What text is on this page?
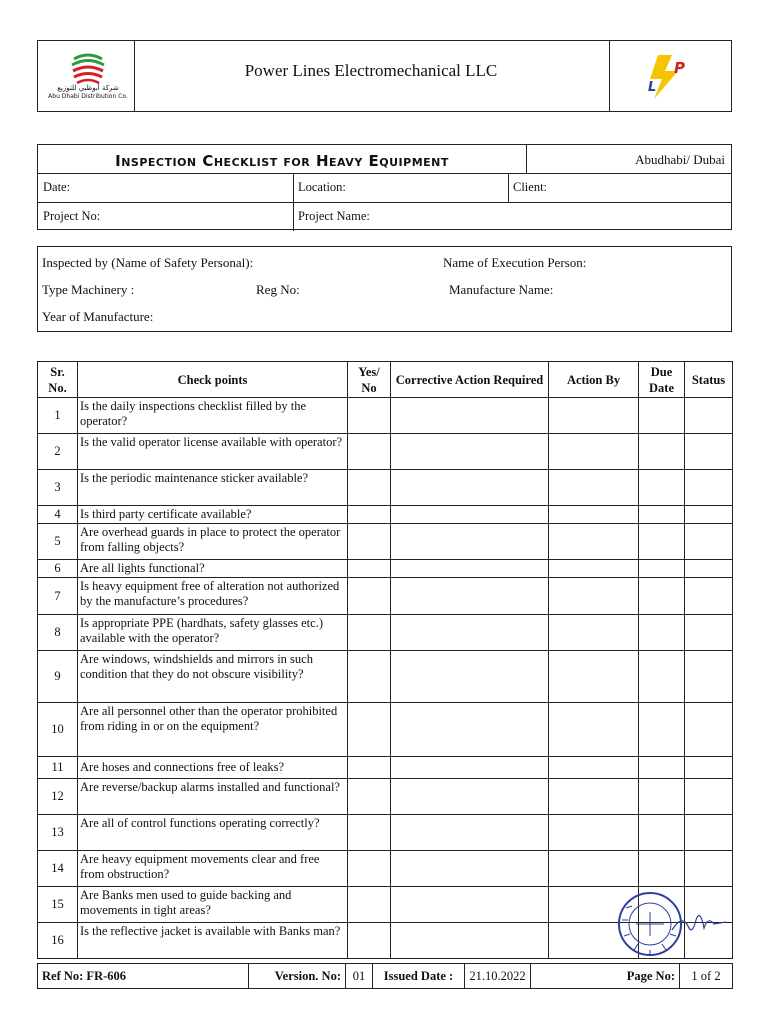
شركة أبوظبي للتوزيع
Abu Dhabi Distribution Co.
Power Lines Electromechanical LLC	P
L
Inspection Checklist for Heavy Equipment	Abudhabi/ Dubai
Date:	Location:	Client:
Project No:	Project Name:
Inspected by (Name of Safety Personal):	Name of Execution Person:
Type Machinery :	Reg No:	Manufacture Name:
Year of Manufacture:
Sr. No.	Check points	Yes/ No	Corrective Action Required	Action By	Due Date	Status
1	Is the daily inspections checklist filled by the operator?					
2	Is the valid operator license available with operator?					
3	Is the periodic maintenance sticker available?					
4	Is third party certificate available?					
5	Are overhead guards in place to protect the operator from falling objects?					
6	Are all lights functional?					
7	Is heavy equipment free of alteration not authorized by the manufacture’s procedures?					
8	Is appropriate PPE (hardhats, safety glasses etc.) available with the operator?					
9	Are windows, windshields and mirrors in such condition that they do not obscure visibility?					
10	Are all personnel other than the operator prohibited from riding in or on the equipment?					
11	Are hoses and connections free of leaks?					
12	Are reverse/backup alarms installed and functional?					
13	Are all of control functions operating correctly?					
14	Are heavy equipment movements clear and free from obstruction?					
15	Are Banks men used to guide backing and movements in tight areas?					
16	Is the reflective jacket is available with Banks man?					
Ref No: FR-606	Version. No:	01	Issued Date :	21.10.2022	Page No:	1 of 2
